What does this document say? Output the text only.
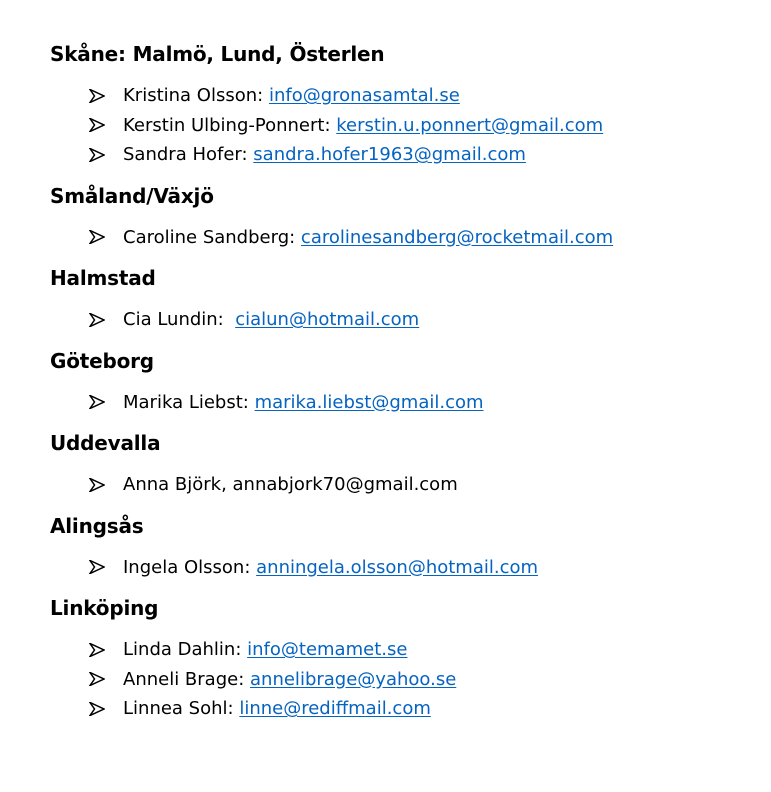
Skåne: Malmö, Lund, Österlen
Kristina Olsson: info@gronasamtal.se
Kerstin Ulbing-Ponnert: kerstin.u.ponnert@gmail.com
Sandra Hofer: sandra.hofer1963@gmail.com
Småland/Växjö
Caroline Sandberg: carolinesandberg@rocketmail.com
Halmstad
Cia Lundin: cialun@hotmail.com
Göteborg
Marika Liebst: marika.liebst@gmail.com
Uddevalla
Anna Björk, annabjork70@gmail.com
Alingsås
Ingela Olsson: anningela.olsson@hotmail.com
Linköping
Linda Dahlin: info@temamet.se
Anneli Brage: annelibrage@yahoo.se
Linnea Sohl: linne@rediffmail.com
